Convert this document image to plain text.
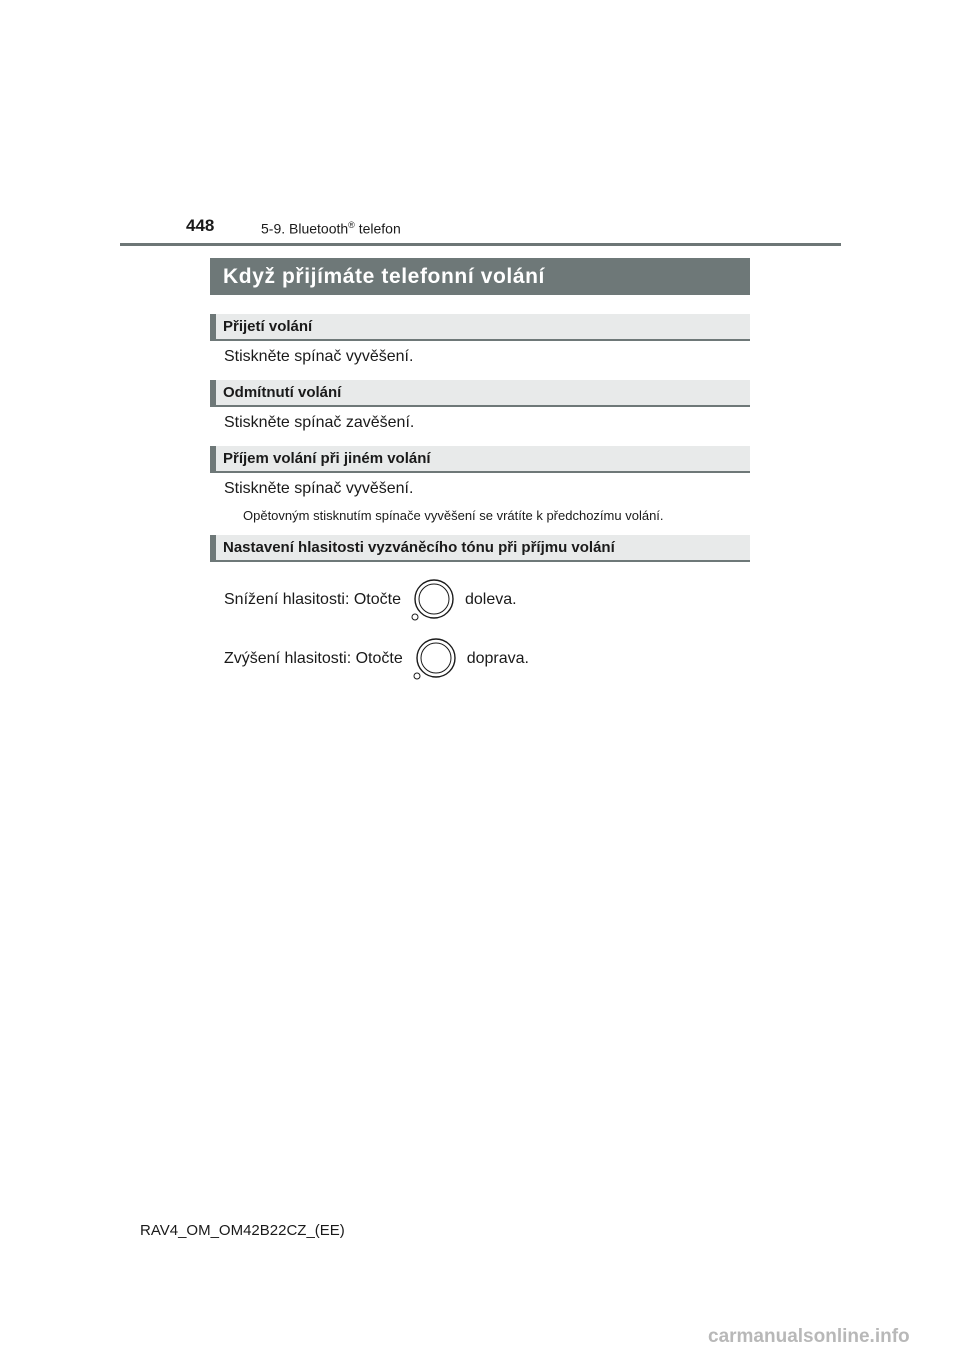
448	5-9. Bluetooth® telefon
Když přijímáte telefonní volání
Přijetí volání
Stiskněte spínač vyvěšení.
Odmítnutí volání
Stiskněte spínač zavěšení.
Příjem volání při jiném volání
Stiskněte spínač vyvěšení.
Opětovným stisknutím spínače vyvěšení se vrátíte k předchozímu volání.
Nastavení hlasitosti vyzváněcího tónu při příjmu volání
Snížení hlasitosti: Otočte	doleva.
Zvýšení hlasitosti: Otočte	doprava.
RAV4_OM_OM42B22CZ_(EE)
carmanualsonline.info
